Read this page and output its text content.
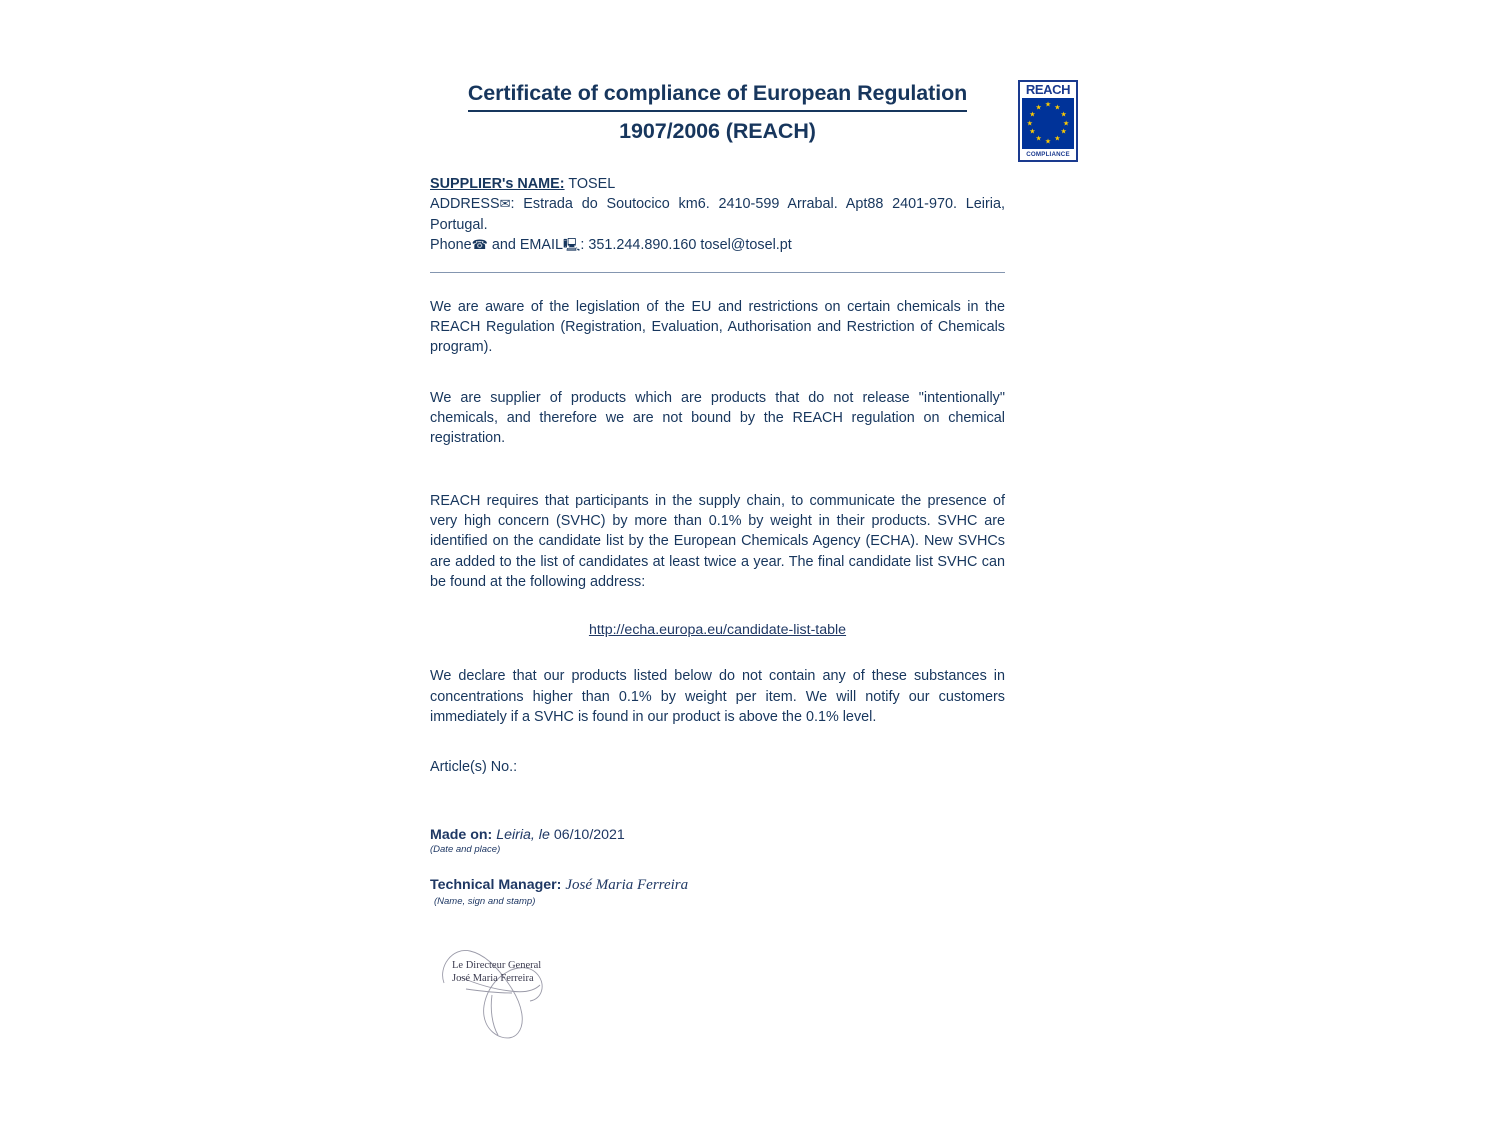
REACH
★ ★
★
★
★
★
★
★
★
★
★
★
COMPLIANCE
Certificate of compliance of European Regulation
1907/2006 (REACH)
SUPPLIER's NAME: TOSEL
ADDRESS✉: Estrada do Soutocico km6. 2410-599 Arrabal. Apt88 2401-970. Leiria, Portugal.
Phone☎ and EMAIL🖳: 351.244.890.160 tosel@tosel.pt

We are aware of the legislation of the EU and restrictions on certain chemicals in the REACH Regulation (Registration, Evaluation, Authorisation and Restriction of Chemicals program).

We are supplier of products which are products that do not release "intentionally" chemicals, and therefore we are not bound by the REACH regulation on chemical registration.

REACH requires that participants in the supply chain, to communicate the presence of very high concern (SVHC) by more than 0.1% by weight in their products. SVHC are identified on the candidate list by the European Chemicals Agency (ECHA). New SVHCs are added to the list of candidates at least twice a year. The final candidate list SVHC can be found at the following address:

http://echa.europa.eu/candidate-list-table

We declare that our products listed below do not contain any of these substances in concentrations higher than 0.1% by weight per item. We will notify our customers immediately if a SVHC is found in our product is above the 0.1% level.

Article(s) No.:
Made on: Leiria, le 06/10/2021
(Date and place)
Technical Manager: José Maria Ferreira
(Name, sign and stamp)
Le Directeur General
José Maria Ferreira
